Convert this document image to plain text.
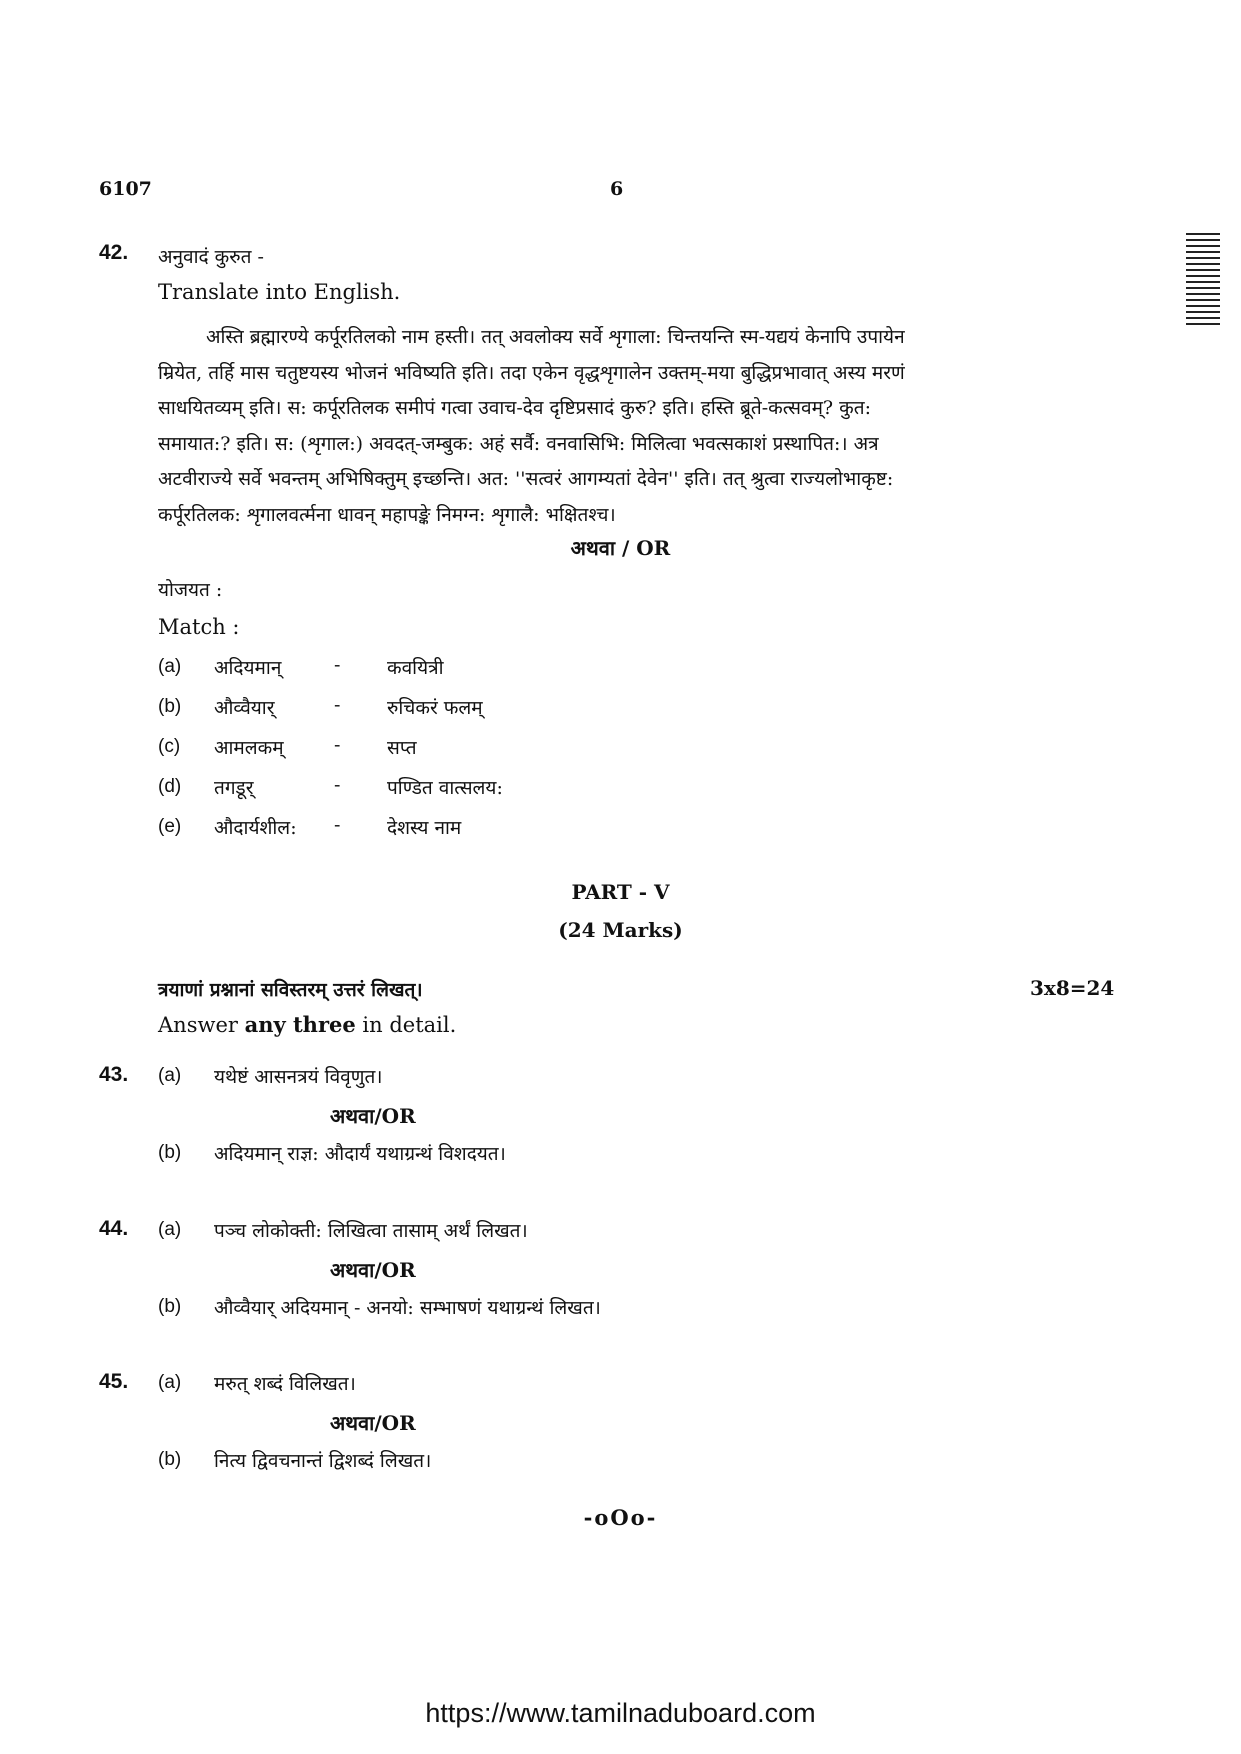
6107	6
42. अनुवादं कुरुत -
Translate into English.
अस्ति ब्रह्मारण्ये कर्पूरतिलको नाम हस्ती। तत् अवलोक्य सर्वे शृगाला: चिन्तयन्ति स्म-यद्ययं केनापि उपायेन
म्रियेत, तर्हि मास चतुष्टयस्य भोजनं भविष्यति इति। तदा एकेन वृद्धशृगालेन उक्तम्-मया बुद्धिप्रभावात् अस्य मरणं
साधयितव्यम् इति। स: कर्पूरतिलक समीपं गत्वा उवाच-देव दृष्टिप्रसादं कुरु? इति। हस्ति ब्रूते-कत्सवम्? कुत:
समायात:? इति। स: (शृगाल:) अवदत्-जम्बुक: अहं सर्वै: वनवासिभि: मिलित्वा भवत्सकाशं प्रस्थापित:। अत्र
अटवीराज्ये सर्वे भवन्तम् अभिषिक्तुम् इच्छन्ति। अत: ''सत्वरं आगम्यतां देवेन'' इति। तत् श्रुत्वा राज्यलोभाकृष्ट:
कर्पूरतिलक: शृगालवर्त्मना धावन् महापङ्के निमग्न: शृगालै: भक्षितश्च।
अथवा / OR
योजयत :
Match :
(a) अदियमान्	- कवयित्री
(b) औव्वैयार्	- रुचिकरं फलम्
(c) आमलकम्	- सप्त
(d) तगडूर्	- पण्डित वात्सलय:
(e) औदार्यशील: - देशस्य नाम
PART - V
(24 Marks)
त्रयाणां प्रश्नानां सविस्तरम् उत्तरं लिखत्।	3x8=24
Answer any three in detail.
43. (a) यथेष्टं आसनत्रयं विवृणुत।
अथवा/OR
(b) अदियमान् राज्ञ: औदार्यं यथाग्रन्थं विशदयत।
44. (a) पञ्च लोकोक्ती: लिखित्वा तासाम् अर्थं लिखत।
अथवा/OR
(b) औव्वैयार् अदियमान् - अनयो: सम्भाषणं यथाग्रन्थं लिखत।
45. (a) मरुत् शब्दं विलिखत।
अथवा/OR
(b) नित्य द्विवचनान्तं द्विशब्दं लिखत।
-oOo-
https://www.tamilnaduboard.com
